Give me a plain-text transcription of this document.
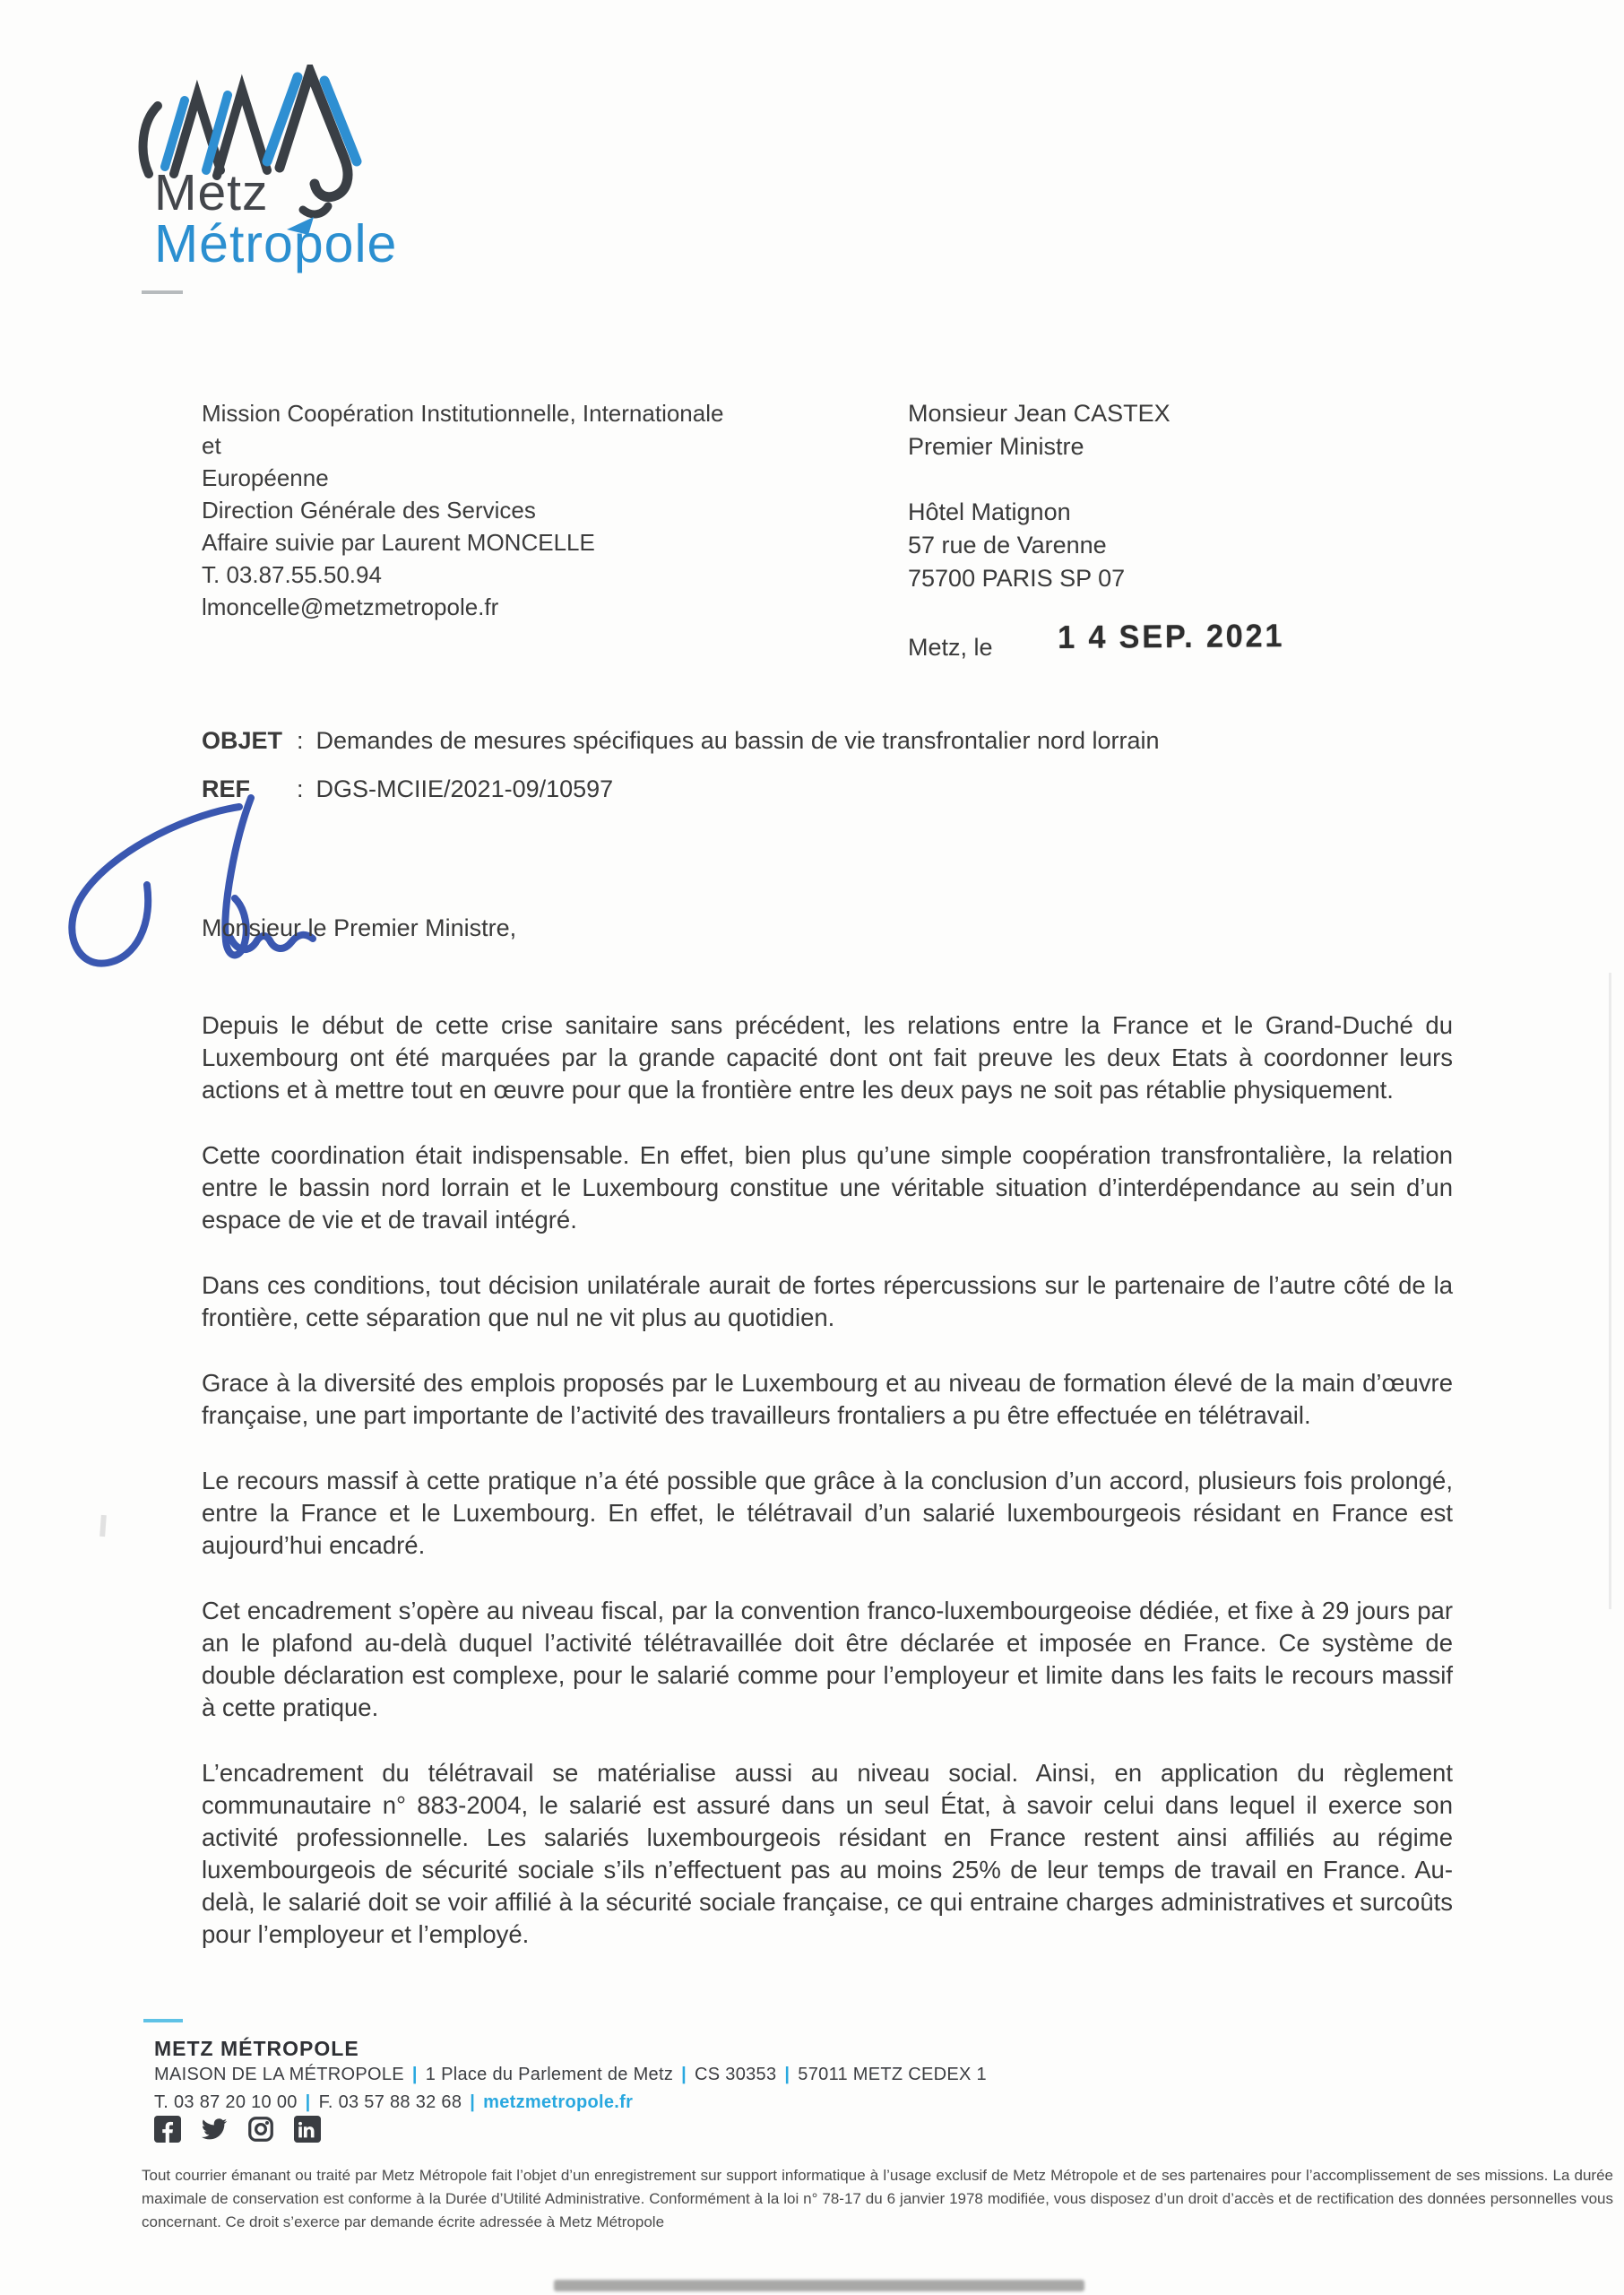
Metz
Métropole
Mission Coopération Institutionnelle, Internationale et
Européenne
Direction Générale des Services
Affaire suivie par Laurent MONCELLE
T. 03.87.55.50.94
lmoncelle@metzmetropole.fr
Monsieur Jean CASTEX
Premier Ministre
Hôtel Matignon
57 rue de Varenne
75700 PARIS SP 07
Metz, le 1 4 SEP. 2021
OBJET : Demandes de mesures spécifiques au bassin de vie transfrontalier nord lorrain
REF : DGS-MCIIE/2021-09/10597
Monsieur le Premier Ministre,

Depuis le début de cette crise sanitaire sans précédent, les relations entre la France et le Grand-Duché du Luxembourg ont été marquées par la grande capacité dont ont fait preuve les deux Etats à coordonner leurs actions et à mettre tout en œuvre pour que la frontière entre les deux pays ne soit pas rétablie physiquement.

Cette coordination était indispensable. En effet, bien plus qu’une simple coopération transfrontalière, la relation entre le bassin nord lorrain et le Luxembourg constitue une véritable situation d’interdépendance au sein d’un espace de vie et de travail intégré.

Dans ces conditions, tout décision unilatérale aurait de fortes répercussions sur le partenaire de l’autre côté de la frontière, cette séparation que nul ne vit plus au quotidien.

Grace à la diversité des emplois proposés par le Luxembourg et au niveau de formation élevé de la main d’œuvre française, une part importante de l’activité des travailleurs frontaliers a pu être effectuée en télétravail.

Le recours massif à cette pratique n’a été possible que grâce à la conclusion d’un accord, plusieurs fois prolongé, entre la France et le Luxembourg. En effet, le télétravail d’un salarié luxembourgeois résidant en France est aujourd’hui encadré.

Cet encadrement s’opère au niveau fiscal, par la convention franco-luxembourgeoise dédiée, et fixe à 29 jours par an le plafond au-delà duquel l’activité télétravaillée doit être déclarée et imposée en France. Ce système de double déclaration est complexe, pour le salarié comme pour l’employeur et limite dans les faits le recours massif à cette pratique.

L’encadrement du télétravail se matérialise aussi au niveau social. Ainsi, en application du règlement communautaire n° 883-2004, le salarié est assuré dans un seul État, à savoir celui dans lequel il exerce son activité professionnelle. Les salariés luxembourgeois résidant en France restent ainsi affiliés au régime luxembourgeois de sécurité sociale s’ils n’effectuent pas au moins 25% de leur temps de travail en France. Au-delà, le salarié doit se voir affilié à la sécurité sociale française, ce qui entraine charges administratives et surcoûts pour l’employeur et l’employé.

METZ MÉTROPOLE
MAISON DE LA MÉTROPOLE | 1 Place du Parlement de Metz | CS 30353 | 57011 METZ CEDEX 1
T. 03 87 20 10 00 | F. 03 57 88 32 68 | metzmetropole.fr
Tout courrier émanant ou traité par Metz Métropole fait l’objet d’un enregistrement sur support informatique à l’usage exclusif de Metz Métropole et de ses partenaires pour l’accomplissement de ses missions. La durée maximale de conservation est conforme à la Durée d’Utilité Administrative. Conformément à la loi n° 78-17 du 6 janvier 1978 modifiée, vous disposez d’un droit d’accès et de rectification des données personnelles vous concernant. Ce droit s’exerce par demande écrite adressée à Metz Métropole
